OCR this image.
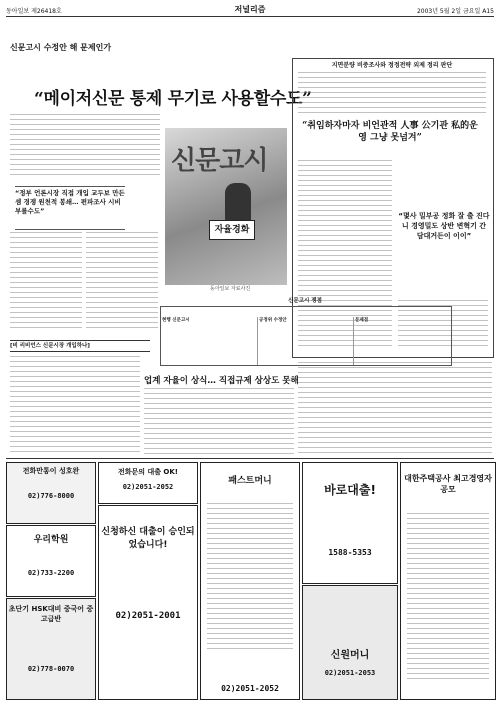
동아일보 제26418호	저널리즘	2003년 5월 2일 금요일 A15
신문고시 수정안 해 문제인가
“메이저신문 통제 무기로 사용할수도”
“정부 언론시장 직접 개입 교두보 만든 셈 경쟁 원천적 봉쇄… 편파조사 시비 부를수도”
신문고시
자율경화
동아일보 자료사진
지면분량 비중조사와 정정전략 외제 정리 판단
“취임하자마자 비언관적 人事 公기관 私的운영 그냥 못넘겨”
“몇사 밀부공 정화 잘 출 진다니 경영밀도 상반 변혁기 간 담대거든이 이이”
신문고시 쟁점
현행 신문고시	공정위 수정안	문제점
[비 리비언스 신문시장 개입하나]
업계 자율이 상식… 직접규제 상상도 못해
전화만통이 성호완
02)776-8000
우리학원
02)733-2200
초단기 HSK대비 중국어 중고급반
02)778-0070
전화문의 대출 OK!
02)2051-2052
신청하신 대출이 승인되었습니다!
02)2051-2001
패스트머니
02)2051-2052
바로대출!
1588-5353
신원머니
02)2051-2053
대한주택공사 최고경영자 공모
